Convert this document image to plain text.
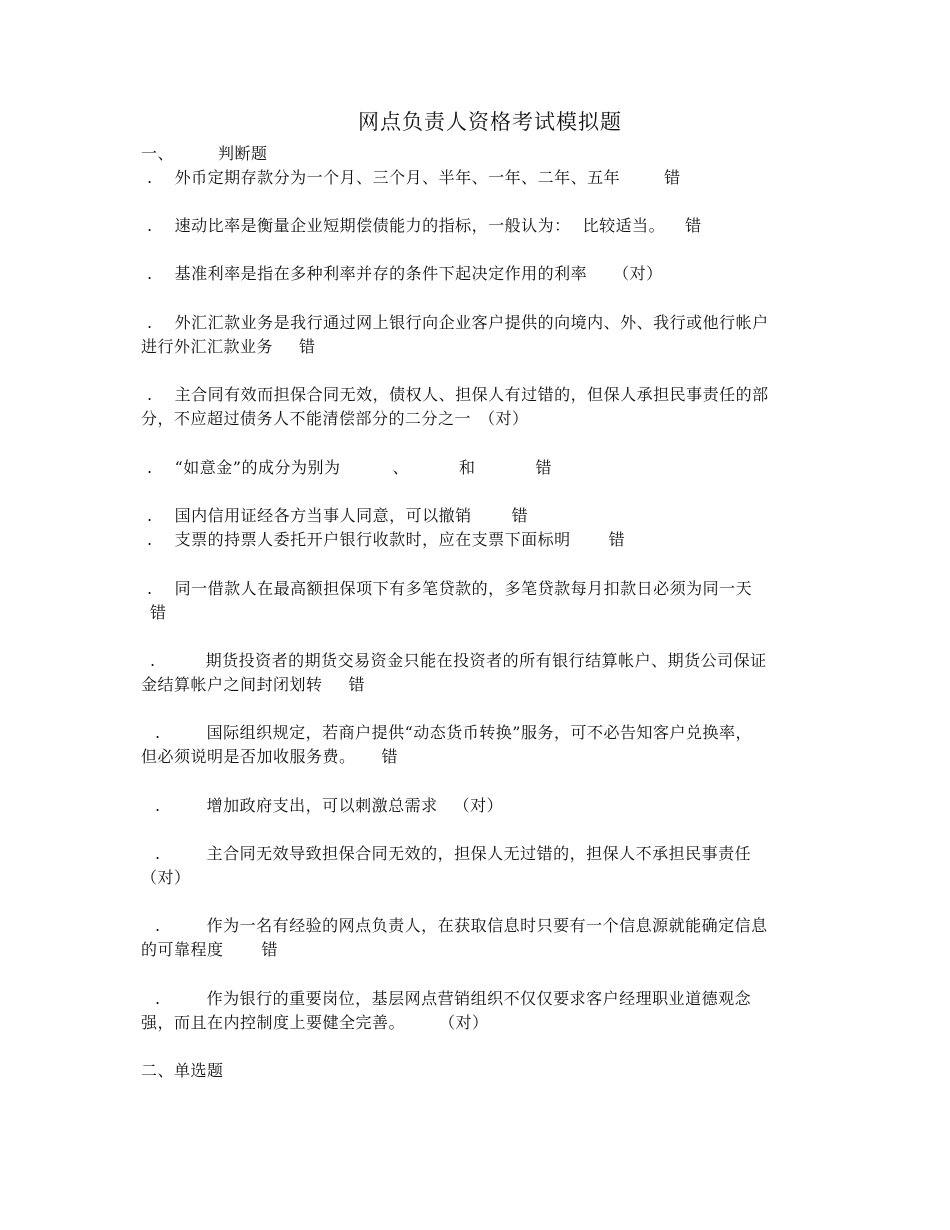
网点负责人资格考试模拟题
一、	判断题
. 外币定期存款分为一个月、三个月、半年、一年、二年、五年	错
. 速动比率是衡量企业短期偿债能力的指标，一般认为： 比较适当。 错
. 基准利率是指在多种利率并存的条件下起决定作用的利率 （对）
. 外汇汇款业务是我行通过网上银行向企业客户提供的向境内、外、我行或他行帐户
进行外汇汇款业务 错
. 主合同有效而担保合同无效，债权人、担保人有过错的，但保人承担民事责任的部
分，不应超过债务人不能清偿部分的二分之一 （对）
. “如意金”的成分为别为	、	和	错
. 国内信用证经各方当事人同意，可以撤销	错
. 支票的持票人委托开户银行收款时，应在支票下面标明 错
. 同一借款人在最高额担保项下有多笔贷款的，多笔贷款每月扣款日必须为同一天
错
.	期货投资者的期货交易资金只能在投资者的所有银行结算帐户、期货公司保证
金结算帐户之间封闭划转 错
.	国际组织规定，若商户提供“动态货币转换”服务，可不必告知客户兑换率，
但必须说明是否加收服务费。 错
.	增加政府支出，可以刺激总需求 （对）
.	主合同无效导致担保合同无效的，担保人无过错的，担保人不承担民事责任
（对）
.	作为一名有经验的网点负责人，在获取信息时只要有一个信息源就能确定信息
的可靠程度 错
.	作为银行的重要岗位，基层网点营销组织不仅仅要求客户经理职业道德观念
强，而且在内控制度上要健全完善。 （对）
二、单选题
